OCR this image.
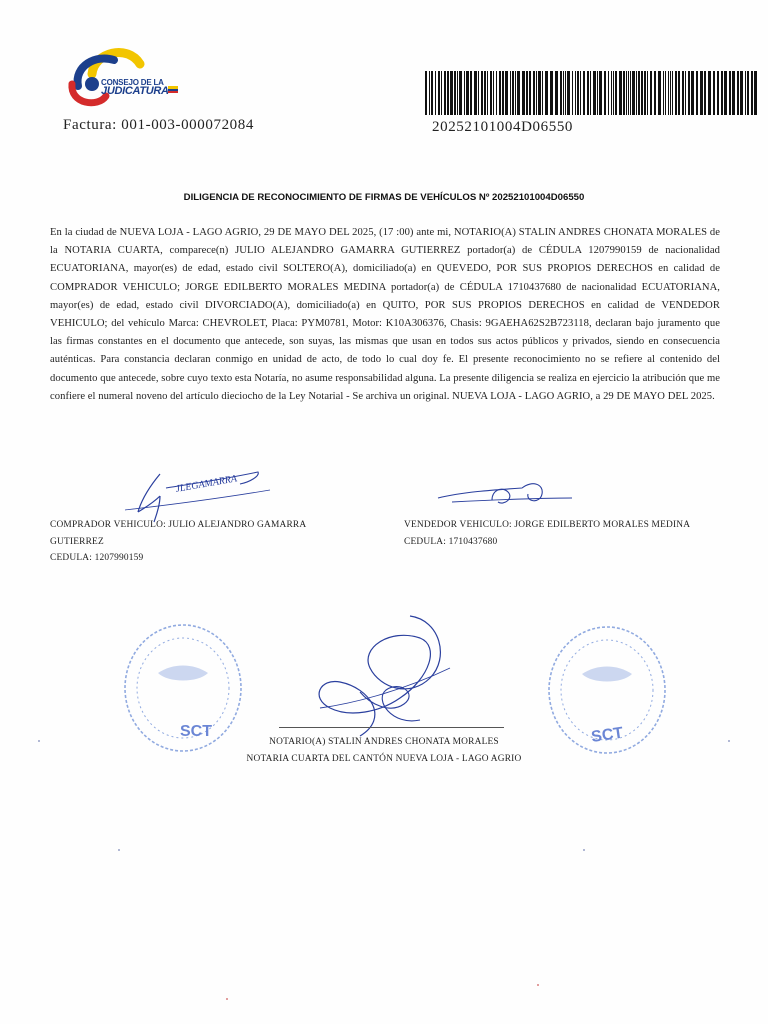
CONSEJO DE LA
JUDICATURA
Factura: 001-003-000072084	20252101004D06550
DILIGENCIA DE RECONOCIMIENTO DE FIRMAS DE VEHÍCULOS Nº 20252101004D06550
En la ciudad de NUEVA LOJA - LAGO AGRIO, 29 DE MAYO DEL 2025, (17 :00) ante mi, NOTARIO(A) STALIN ANDRES CHONATA MORALES de la NOTARIA CUARTA, comparece(n) JULIO ALEJANDRO GAMARRA GUTIERREZ portador(a) de CÉDULA 1207990159 de nacionalidad ECUATORIANA, mayor(es) de edad, estado civil SOLTERO(A), domiciliado(a) en QUEVEDO, POR SUS PROPIOS DERECHOS en calidad de COMPRADOR VEHICULO; JORGE EDILBERTO MORALES MEDINA portador(a) de CÉDULA 1710437680 de nacionalidad ECUATORIANA, mayor(es) de edad, estado civil DIVORCIADO(A), domiciliado(a) en QUITO, POR SUS PROPIOS DERECHOS en calidad de VENDEDOR VEHICULO; del vehículo Marca: CHEVROLET, Placa: PYM0781, Motor: K10A306376, Chasis: 9GAEHA62S2B723118, declaran bajo juramento que las firmas constantes en el documento que antecede, son suyas, las mismas que usan en todos sus actos públicos y privados, siendo en consecuencia auténticas. Para constancia declaran conmigo en unidad de acto, de todo lo cual doy fe. El presente reconocimiento no se refiere al contenido del documento que antecede, sobre cuyo texto esta Notaría, no asume responsabilidad alguna. La presente diligencia se realiza en ejercicio la atribución que me confiere el numeral noveno del artículo dieciocho de la Ley Notarial - Se archiva un original. NUEVA LOJA - LAGO AGRIO, a 29 DE MAYO DEL 2025.
JLEGAMARRA
COMPRADOR VEHICULO: JULIO ALEJANDRO GAMARRA
GUTIERREZ
CEDULA: 1207990159
VENDEDOR VEHICULO: JORGE EDILBERTO MORALES MEDINA
CEDULA: 1710437680
SCT	SCT
NOTARIO(A) STALIN ANDRES CHONATA MORALES
NOTARIA CUARTA DEL CANTÓN NUEVA LOJA - LAGO AGRIO
